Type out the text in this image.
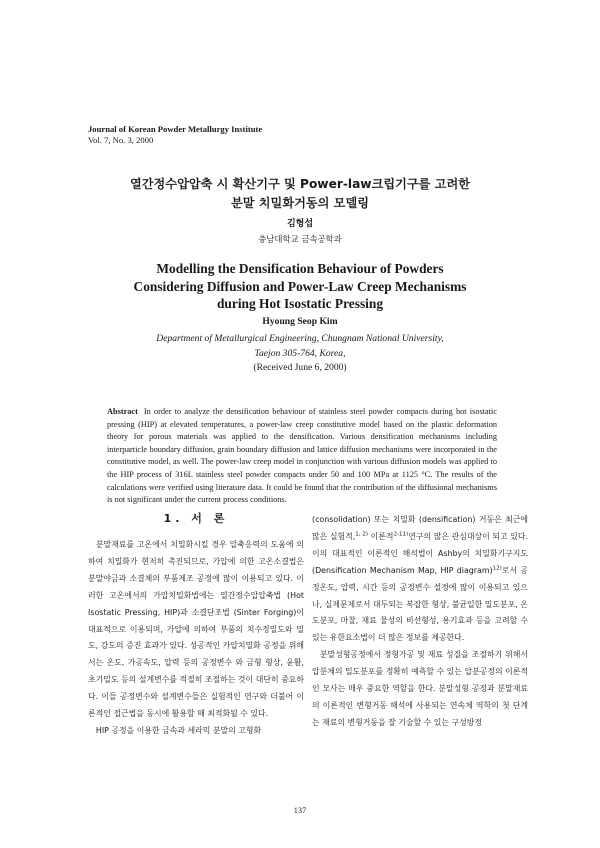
Journal of Korean Powder Metallurgy Institute
Vol. 7, No. 3, 2000
열간정수압압축 시 확산기구 및 Power-law크립기구를 고려한
분말 치밀화거동의 모델링
김형섭
충남대학교 금속공학과
Modelling the Densification Behaviour of Powders
Considering Diffusion and Power-Law Creep Mechanisms
during Hot Isostatic Pressing
Hyoung Seop Kim
Department of Metallurgical Engineering, Chungnam National University,
Taejon 305-764, Korea,
(Received June 6, 2000)
Abstract In order to analyze the densification behaviour of stainless steel powder compacts during hot isostatic pressing (HIP) at elevated temperatures, a power-law creep constitutive model based on the plastic deformation theory for porous materials was applied to the densification. Various densification mechanisms including interparticle boundary diffusion, grain boundary diffusion and lattice diffusion mechanisms were incorporated in the constitutive model, as well. The power-law creep model in conjunction with various diffusion models was applied to the HIP process of 316L stainless steel powder compacts under 50 and 100 MPa at 1125 °C. The results of the calculations were verified using literature data. It could be found that the contribution of the diffusional mechanisms is not significant under the current process conditions.
1. 서 론

분말재료를 고온에서 치밀화시킬 경우 압축응력의 도움에 의하여 치밀화가 현저히 촉진되므로, 가압에 의한 고온소결법은 분말야금과 소결체의 부품제조 공정에 많이 이용되고 있다. 이러한 고온에서의 가압치밀화법에는 열간정수압압축법 (Hot Isostatic Pressing, HIP)과 소결단조법 (Sinter Forging)이 대표적으로 이용되며, 가압에 의하여 부품의 치수정밀도와 밀도, 강도의 증진 효과가 있다. 성공적인 가압치밀화 공정을 위해서는 온도, 가공속도, 압력 등의 공정변수 와 금형 형상, 윤활, 초기밀도 등의 설계변수를 적절히 조절하는 것이 대단히 중요하다. 이들 공정변수와 설계변수들은 실험적인 연구와 더불어 이론적인 접근법을 동시에 활용할 때 최적화될 수 있다.

HIP 공정을 이용한 금속과 세라믹 분말의 고형화

(consolidation) 또는 치밀화 (densification) 거동은 최근에 많은 실험적,$^{1, 2)}$ 이론적$^{2-11)}$연구의 많은 관심대상이 되고 있다. 이의 대표적인 이론적인 해석법이 Ashby의 치밀화기구지도 (Densification Mechanism Map, HIP diagram)$^{12)}$로서 공정온도, 압력, 시간 등의 공정변수 설정에 많이 이용되고 있으나, 실제문제로서 대두되는 복잡한 형상, 불균일한 밀도분포, 온도분포, 마찰, 재료 물성의 비선형성, 용기효과 등을 고려할 수 있는 유한요소법이 더 많은 정보를 제공한다.

분말성형공정에서 정형가공 및 재료 성질을 조절하기 위해서 압분체의 밀도분포를 정확히 예측할 수 있는 압분공정의 이론적인 모사는 매우 중요한 역할을 한다. 분말성형 공정과 분말재료의 이론적인 변형거동 해석에 사용되는 연속체 역학의 첫 단계는 재료의 변형거동을 잘 기술할 수 있는 구성방정

137
